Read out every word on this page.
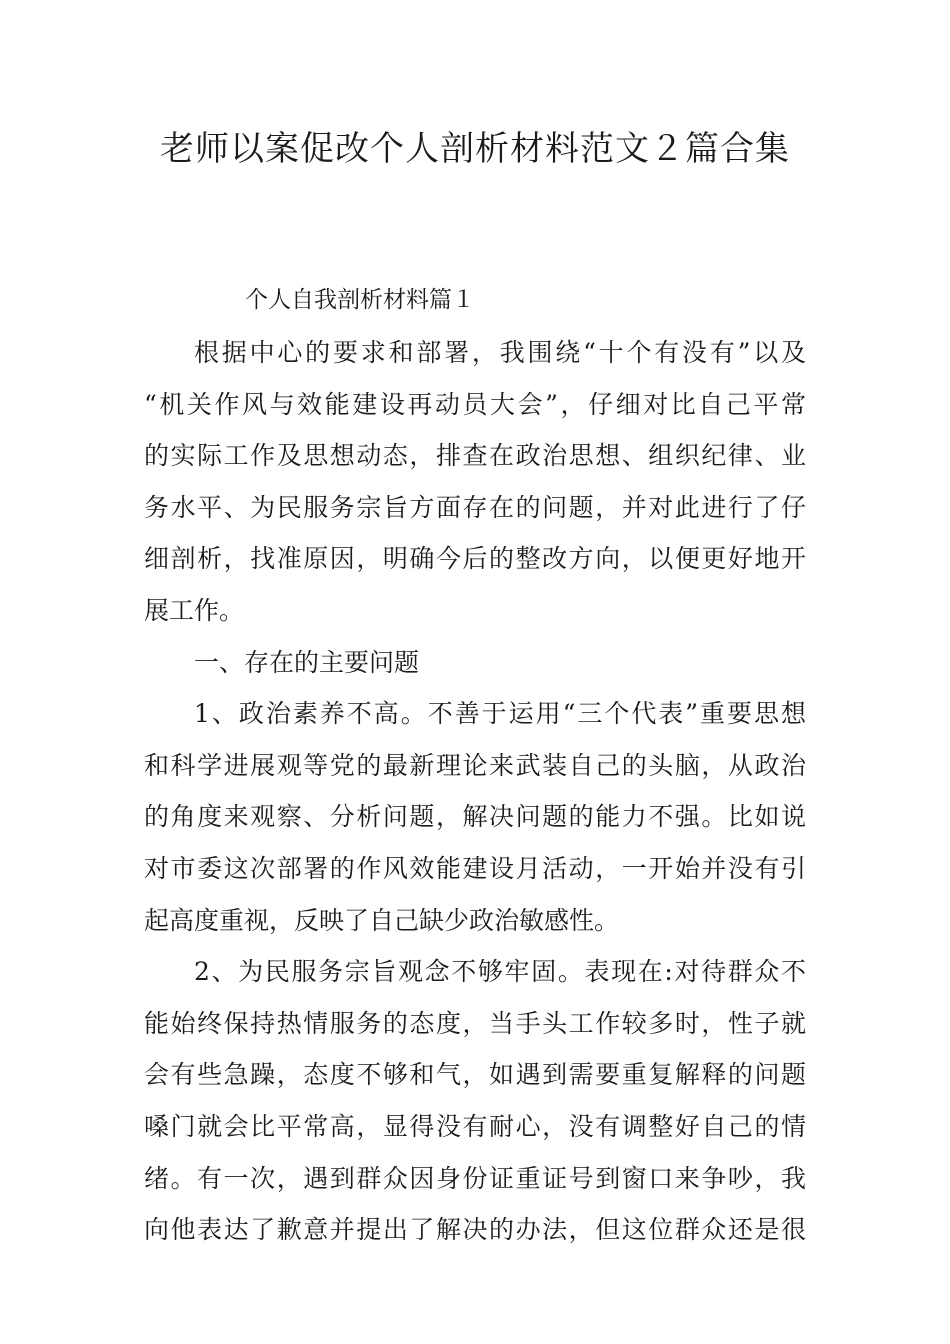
老师以案促改个人剖析材料范文２篇合集

个人自我剖析材料篇１

根据中心的要求和部署，我围绕“十个有没有”以及
“机关作风与效能建设再动员大会”，仔细对比自己平常
的实际工作及思想动态，排查在政治思想、组织纪律、业
务水平、为民服务宗旨方面存在的问题，并对此进行了仔
细剖析，找准原因，明确今后的整改方向，以便更好地开
展工作。
一、存在的主要问题
1、政治素养不高。不善于运用“三个代表”重要思想
和科学进展观等党的最新理论来武装自己的头脑，从政治
的角度来观察、分析问题，解决问题的能力不强。比如说
对市委这次部署的作风效能建设月活动，一开始并没有引
起高度重视，反映了自己缺少政治敏感性。
2、为民服务宗旨观念不够牢固。表现在:对待群众不
能始终保持热情服务的态度，当手头工作较多时，性子就
会有些急躁，态度不够和气，如遇到需要重复解释的问题
嗓门就会比平常高，显得没有耐心，没有调整好自己的情
绪。有一次，遇到群众因身份证重证号到窗口来争吵，我
向他表达了歉意并提出了解决的办法，但这位群众还是很
